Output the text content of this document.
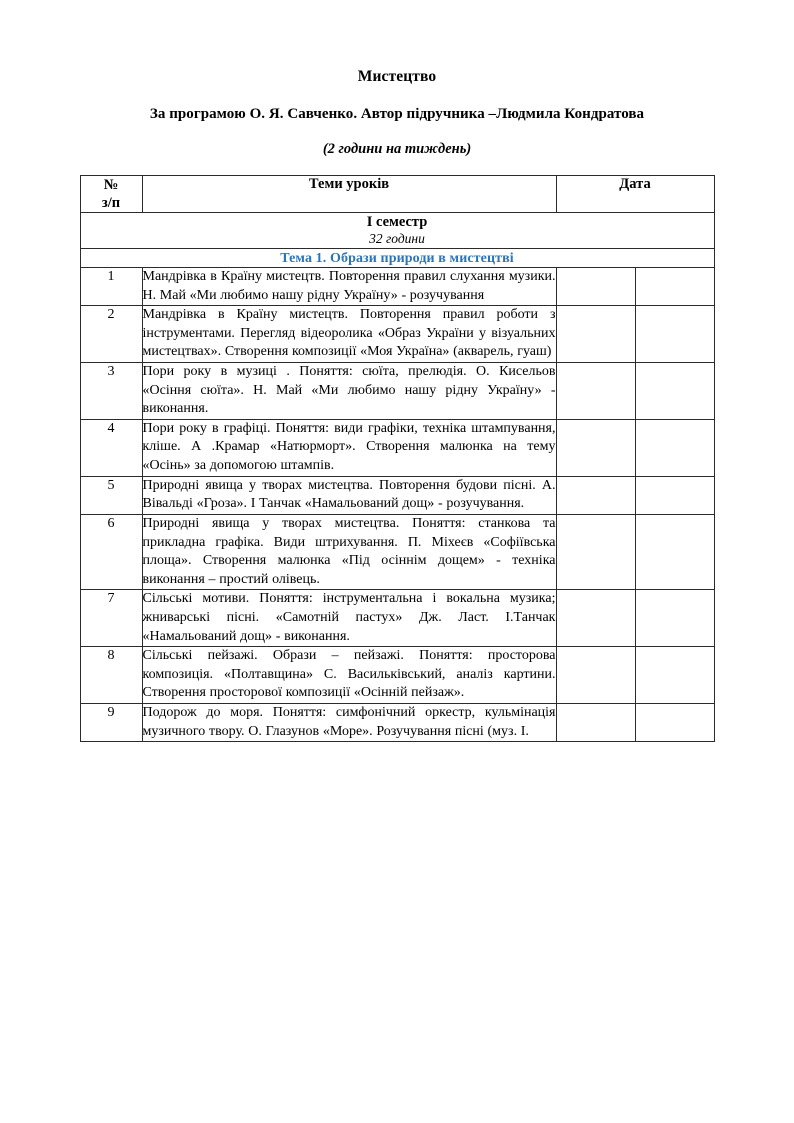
Мистецтво
За програмою О. Я. Савченко. Автор підручника –Людмила Кондратова
(2 години на тиждень)
№
з/п	Теми уроків	Дата	

I семестр
32 години			

Тема 1. Образи природи в мистецтві			
1	Мандрівка в Країну мистецтв. Повторення правил слухання музики. Н. Май «Ми любимо нашу рідну Україну» - розучування		
2	Мандрівка в Країну мистецтв. Повторення правил роботи з інструментами. Перегляд відеоролика «Образ України у візуальних мистецтвах». Створення композиції «Моя Україна» (акварель, гуаш)		
3	Пори року в музиці . Поняття: сюїта, прелюдія. О. Кисельов «Осіння сюїта». Н. Май «Ми любимо нашу рідну Україну» - виконання.		
4	Пори року в графіці. Поняття: види графіки, техніка штампування, кліше. А .Крамар «Натюрморт». Створення малюнка на тему «Осінь» за допомогою штампів.		
5	Природні явища у творах мистецтва. Повторення будови пісні. А. Вівальді «Гроза». І Танчак «Намальований дощ» - розучування.		
6	Природні явища у творах мистецтва. Поняття: станкова та прикладна графіка. Види штрихування. П. Міхеєв «Софіївська площа». Створення малюнка «Під осіннім дощем» - техніка виконання – простий олівець.		
7	Сільські мотиви. Поняття: інструментальна і вокальна музика; жниварські пісні. «Самотній пастух» Дж. Ласт. І.Танчак «Намальований дощ» - виконання.		
8	Сільські пейзажі. Образи – пейзажі. Поняття: просторова композиція. «Полтавщина» С. Васильківський, аналіз картини. Створення просторової композиції «Осінній пейзаж».		
9	Подорож до моря. Поняття: симфонічний оркестр, кульмінація музичного твору. О. Глазунов «Море». Розучування пісні (муз. І.		
